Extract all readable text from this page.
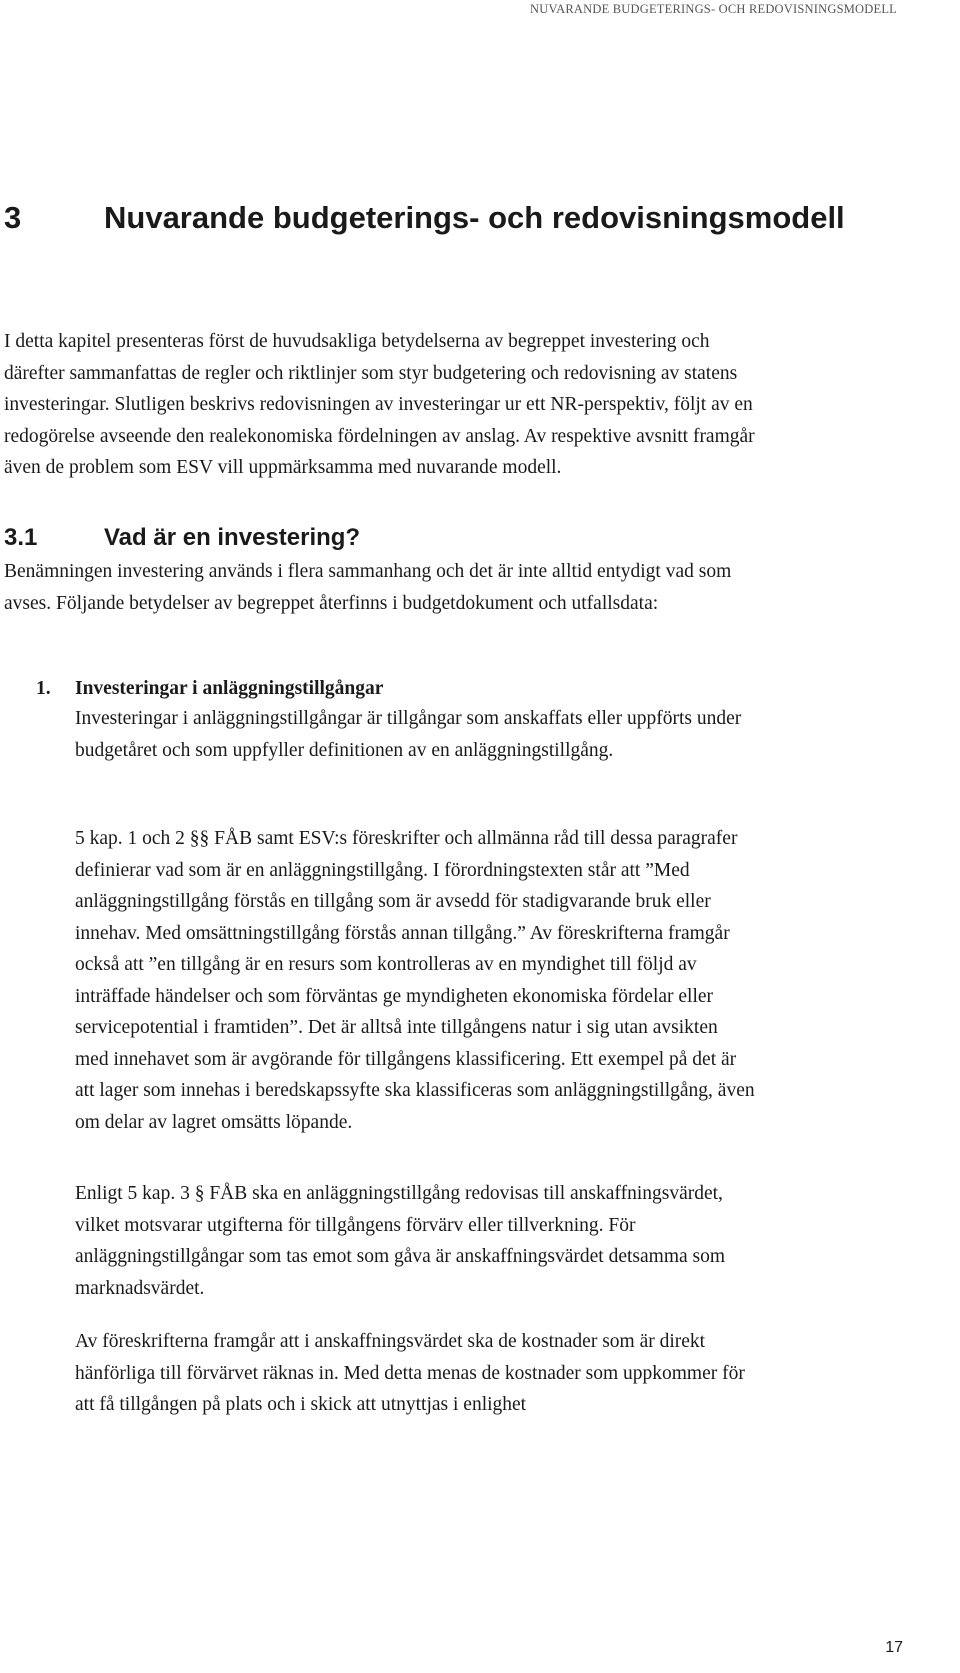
NUVARANDE BUDGETERINGS- OCH REDOVISNINGSMODELL
3	Nuvarande budgeterings- och redovisningsmodell

I detta kapitel presenteras först de huvudsakliga betydelserna av begreppet investering och därefter sammanfattas de regler och riktlinjer som styr budgetering och redovisning av statens investeringar. Slutligen beskrivs redovisningen av investeringar ur ett NR-perspektiv, följt av en redogörelse avseende den realekonomiska fördelningen av anslag. Av respektive avsnitt framgår även de problem som ESV vill uppmärksamma med nuvarande modell.

3.1	Vad är en investering?

Benämningen investering används i flera sammanhang och det är inte alltid entydigt vad som avses. Följande betydelser av begreppet återfinns i budgetdokument och utfallsdata:

1. Investeringar i anläggningstillgångar

Investeringar i anläggningstillgångar är tillgångar som anskaffats eller uppförts under budgetåret och som uppfyller definitionen av en anläggningstillgång.

5 kap. 1 och 2 §§ FÅB samt ESV:s föreskrifter och allmänna råd till dessa paragrafer definierar vad som är en anläggningstillgång. I förordningstexten står att ”Med anläggningstillgång förstås en tillgång som är avsedd för stadigvarande bruk eller innehav. Med omsättningstillgång förstås annan tillgång.” Av föreskrifterna framgår också att ”en tillgång är en resurs som kontrolleras av en myndighet till följd av inträffade händelser och som förväntas ge myndigheten ekonomiska fördelar eller servicepotential i framtiden”. Det är alltså inte tillgångens natur i sig utan avsikten med innehavet som är avgörande för tillgångens klassificering. Ett exempel på det är att lager som innehas i beredskapssyfte ska klassificeras som anläggningstillgång, även om delar av lagret omsätts löpande.

Enligt 5 kap. 3 § FÅB ska en anläggningstillgång redovisas till anskaffningsvärdet, vilket motsvarar utgifterna för tillgångens förvärv eller tillverkning. För anläggningstillgångar som tas emot som gåva är anskaffningsvärdet detsamma som marknadsvärdet.

Av föreskrifterna framgår att i anskaffningsvärdet ska de kostnader som är direkt hänförliga till förvärvet räknas in. Med detta menas de kostnader som uppkommer för att få tillgången på plats och i skick att utnyttjas i enlighet

17
